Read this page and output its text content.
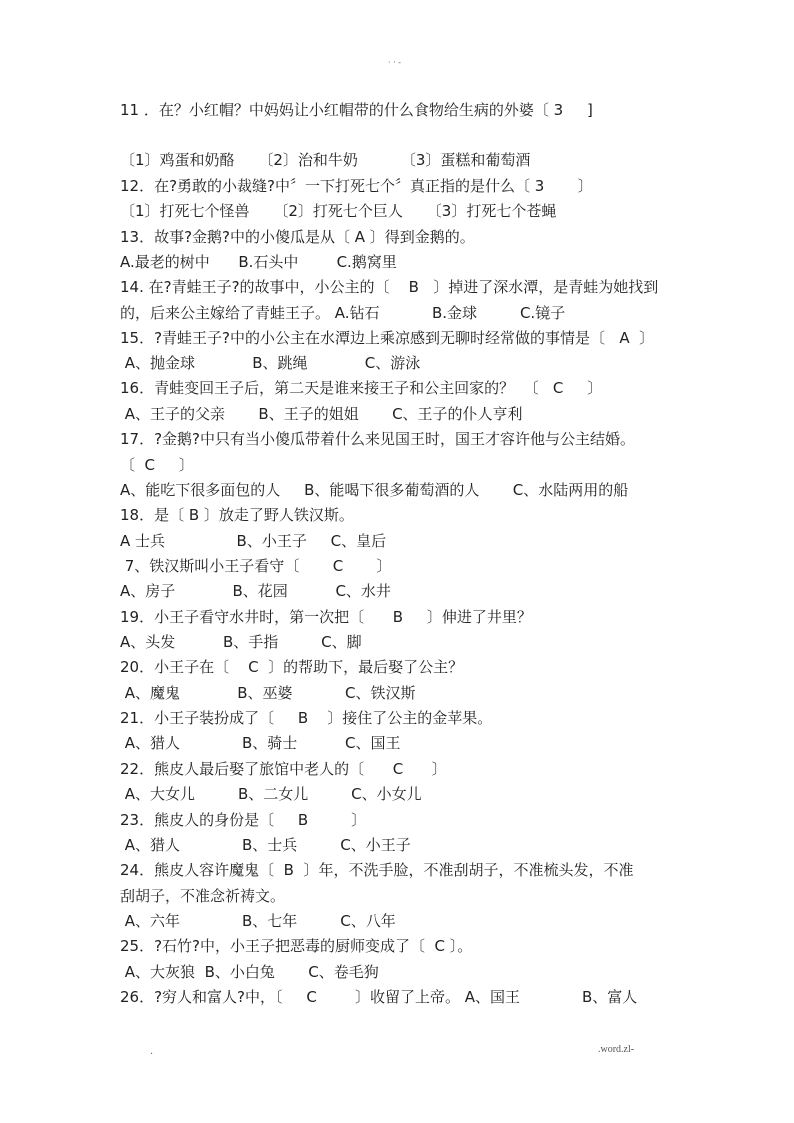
· · -
11 ．在？小红帽？中妈妈让小红帽带的什么食物给生病的外婆〔 3     ]
〔1〕鸡蛋和奶酪     〔2〕治和牛奶         〔3〕蛋糕和葡萄酒
12．在?勇敢的小裁缝?中〞一下打死七个〞真正指的是什么〔 3       〕
〔1〕打死七个怪兽     〔2〕打死七个巨人     〔3〕打死七个苍蝇
13．故事?金鹅?中的小傻瓜是从〔 A 〕得到金鹅的。
A.最老的树中      B.石头中        C.鹅窝里
14. 在?青蛙王子?的故事中，小公主的〔    B   〕掉进了深水潭，是青蛙为她找到
的，后来公主嫁给了青蛙王子。 A.钻石           B.金球         C.镜子
15．?青蛙王子?中的小公主在水潭边上乘凉感到无聊时经常做的事情是〔   A  〕
A、抛金球            B、跳绳            C、游泳
16．青蛙变回王子后，第二天是谁来接王子和公主回家的？  〔   C     〕
A、王子的父亲       B、王子的姐姐       C、王子的仆人亨利
17．?金鹅?中只有当小傻瓜带着什么来见国王时，国王才容许他与公主结婚。
〔  C     〕
A、能吃下很多面包的人     B、能喝下很多葡萄酒的人       C、水陆两用的船
18．是〔 B 〕放走了野人铁汉斯。
A 士兵               B、小王子     C、皇后
7、铁汉斯叫小王子看守〔       C       〕
A、房子            B、花园          C、水井
19．小王子看守水井时，第一次把〔      B     〕伸进了井里？
A、头发          B、手指         C、脚
20．小王子在〔    C  〕的帮助下，最后娶了公主？
A、魔鬼            B、巫婆           C、铁汉斯
21．小王子装扮成了〔     B    〕接住了公主的金苹果。
A、猎人             B、骑士          C、国王
22．熊皮人最后娶了旅馆中老人的〔      C      〕
A、大女儿         B、二女儿         C、小女儿
23．熊皮人的身份是〔     B         〕
A、猎人             B、士兵         C、小王子
24．熊皮人容许魔鬼〔  B  〕年，不洗手脸，不准刮胡子，不准梳头发，不准
刮胡子，不准念祈祷文。
A、六年             B、七年         C、八年
25．?石竹?中，小王子把恶毒的厨师变成了〔  C 〕。
A、大灰狼  B、小白兔       C、卷毛狗
26．?穷人和富人?中，〔     C        〕收留了上帝。 A、国王             B、富人
.	.word.zl-
